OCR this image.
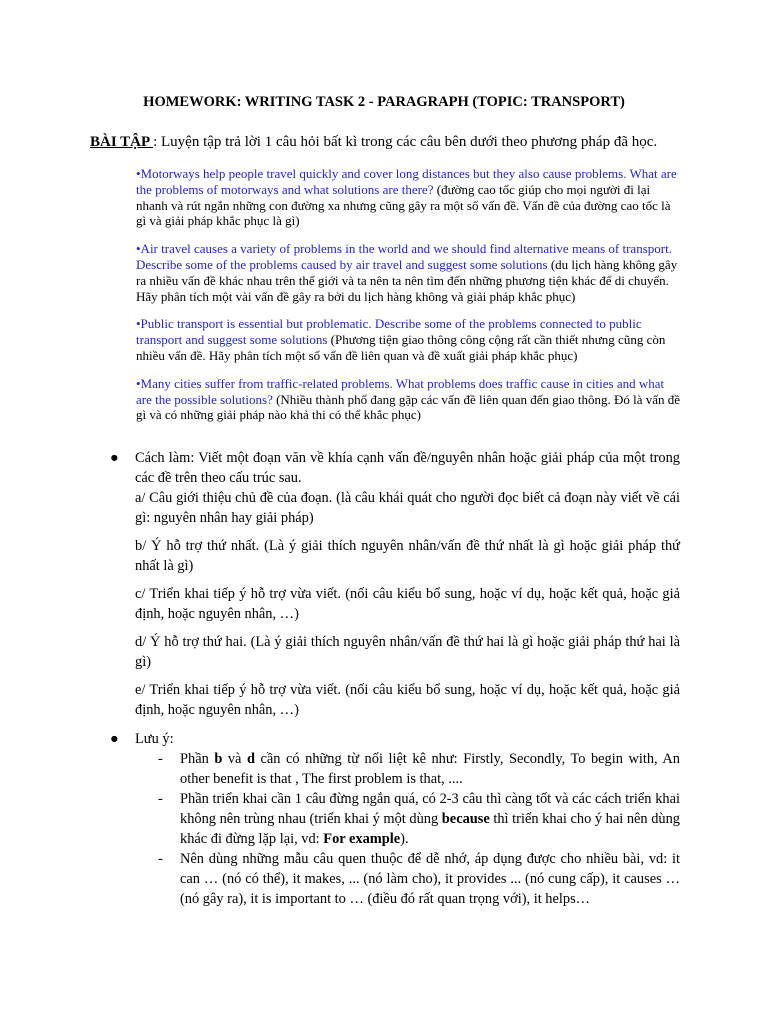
HOMEWORK: WRITING TASK 2 - PARAGRAPH (TOPIC: TRANSPORT)
BÀI TẬP : Luyện tập trả lời 1 câu hỏi bất kì trong các câu bên dưới theo phương pháp đã học.
•Motorways help people travel quickly and cover long distances but they also cause problems. What are the problems of motorways and what solutions are there? (đường cao tốc giúp cho mọi người đi lại nhanh và rút ngắn những con đường xa nhưng cũng gây ra một số vấn đề. Vấn đề của đường cao tốc là gì và giải pháp khắc phục là gì)
•Air travel causes a variety of problems in the world and we should find alternative means of transport. Describe some of the problems caused by air travel and suggest some solutions (du lịch hàng không gây ra nhiều vấn đề khác nhau trên thế giới và ta nên ta nên tìm đến những phương tiện khác để di chuyển. Hãy phân tích một vài vấn đề gây ra bởi du lịch hàng không và giải pháp khắc phục)
•Public transport is essential but problematic. Describe some of the problems connected to public transport and suggest some solutions (Phương tiện giao thông công cộng rất cần thiết nhưng cũng còn nhiều vấn đề. Hãy phân tích một số vấn đề liên quan và đề xuất giải pháp khắc phục)
•Many cities suffer from traffic-related problems. What problems does traffic cause in cities and what are the possible solutions? (Nhiều thành phố đang gặp các vấn đề liên quan đến giao thông. Đó là vấn đề gì và có những giải pháp nào khả thi có thể khắc phục)
● Cách làm: Viết một đoạn văn về khía cạnh vấn đề/nguyên nhân hoặc giải pháp của một trong các đề trên theo cấu trúc sau.

a/ Câu giới thiệu chủ đề của đoạn. (là câu khái quát cho người đọc biết cả đoạn này viết về cái gì: nguyên nhân hay giải pháp)

b/ Ý hỗ trợ thứ nhất. (Là ý giải thích nguyên nhân/vấn đề thứ nhất là gì hoặc giải pháp thứ nhất là gì)

c/ Triển khai tiếp ý hỗ trợ vừa viết. (nối câu kiểu bổ sung, hoặc ví dụ, hoặc kết quả, hoặc giả định, hoặc nguyên nhân, …)

d/ Ý hỗ trợ thứ hai. (Là ý giải thích nguyên nhân/vấn đề thứ hai là gì hoặc giải pháp thứ hai là gì)

e/ Triển khai tiếp ý hỗ trợ vừa viết. (nối câu kiểu bổ sung, hoặc ví dụ, hoặc kết quả, hoặc giả định, hoặc nguyên nhân, …)

● Lưu ý:
- Phần b và d cần có những từ nối liệt kê như: Firstly, Secondly, To begin with, An other benefit is that , The first problem is that, ....
- Phần triển khai cần 1 câu đừng ngắn quá, có 2-3 câu thì càng tốt và các cách triển khai không nên trùng nhau (triển khai ý một dùng because thì triển khai cho ý hai nên dùng khác đi đừng lặp lại, vd: For example).
- Nên dùng những mẫu câu quen thuộc để dễ nhớ, áp dụng được cho nhiều bài, vd: it can … (nó có thể), it makes, ... (nó làm cho), it provides ... (nó cung cấp), it causes … (nó gây ra), it is important to … (điều đó rất quan trọng với), it helps…
